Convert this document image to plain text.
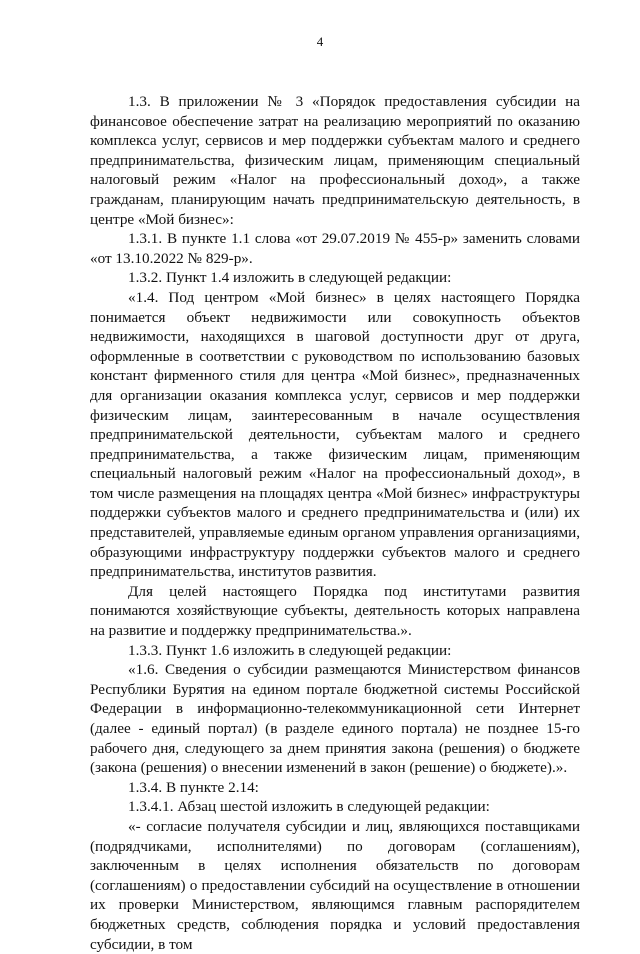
4

1.3. В приложении № 3 «Порядок предоставления субсидии на финансовое обеспечение затрат на реализацию мероприятий по оказанию комплекса услуг, сервисов и мер поддержки субъектам малого и среднего предпринимательства, физическим лицам, применяющим специальный налоговый режим «Налог на профессиональный доход», а также гражданам, планирующим начать предпринимательскую деятельность, в центре «Мой бизнес»:

1.3.1. В пункте 1.1 слова «от 29.07.2019 № 455-р» заменить словами «от 13.10.2022 № 829-р».

1.3.2. Пункт 1.4 изложить в следующей редакции:

«1.4. Под центром «Мой бизнес» в целях настоящего Порядка понимается объект недвижимости или совокупность объектов недвижимости, находящихся в шаговой доступности друг от друга, оформленные в соответствии с руководством по использованию базовых констант фирменного стиля для центра «Мой бизнес», предназначенных для организации оказания комплекса услуг, сервисов и мер поддержки физическим лицам, заинтересованным в начале осуществления предпринимательской деятельности, субъектам малого и среднего предпринимательства, а также физическим лицам, применяющим специальный налоговый режим «Налог на профессиональный доход», в том числе размещения на площадях центра «Мой бизнес» инфраструктуры поддержки субъектов малого и среднего предпринимательства и (или) их представителей, управляемые единым органом управления организациями, образующими инфраструктуру поддержки субъектов малого и среднего предпринимательства, институтов развития.

Для целей настоящего Порядка под институтами развития понимаются хозяйствующие субъекты, деятельность которых направлена на развитие и поддержку предпринимательства.».

1.3.3. Пункт 1.6 изложить в следующей редакции:

«1.6. Сведения о субсидии размещаются Министерством финансов Республики Бурятия на едином портале бюджетной системы Российской Федерации в информационно-телекоммуникационной сети Интернет (далее - единый портал) (в разделе единого портала) не позднее 15-го рабочего дня, следующего за днем принятия закона (решения) о бюджете (закона (решения) о внесении изменений в закон (решение) о бюджете).».

1.3.4. В пункте 2.14:

1.3.4.1. Абзац шестой изложить в следующей редакции:

«- согласие получателя субсидии и лиц, являющихся поставщиками (подрядчиками, исполнителями) по договорам (соглашениям), заключенным в целях исполнения обязательств по договорам (соглашениям) о предоставлении субсидий на осуществление в отношении их проверки Министерством, являющимся главным распорядителем бюджетных средств, соблюдения порядка и условий предоставления субсидии, в том
